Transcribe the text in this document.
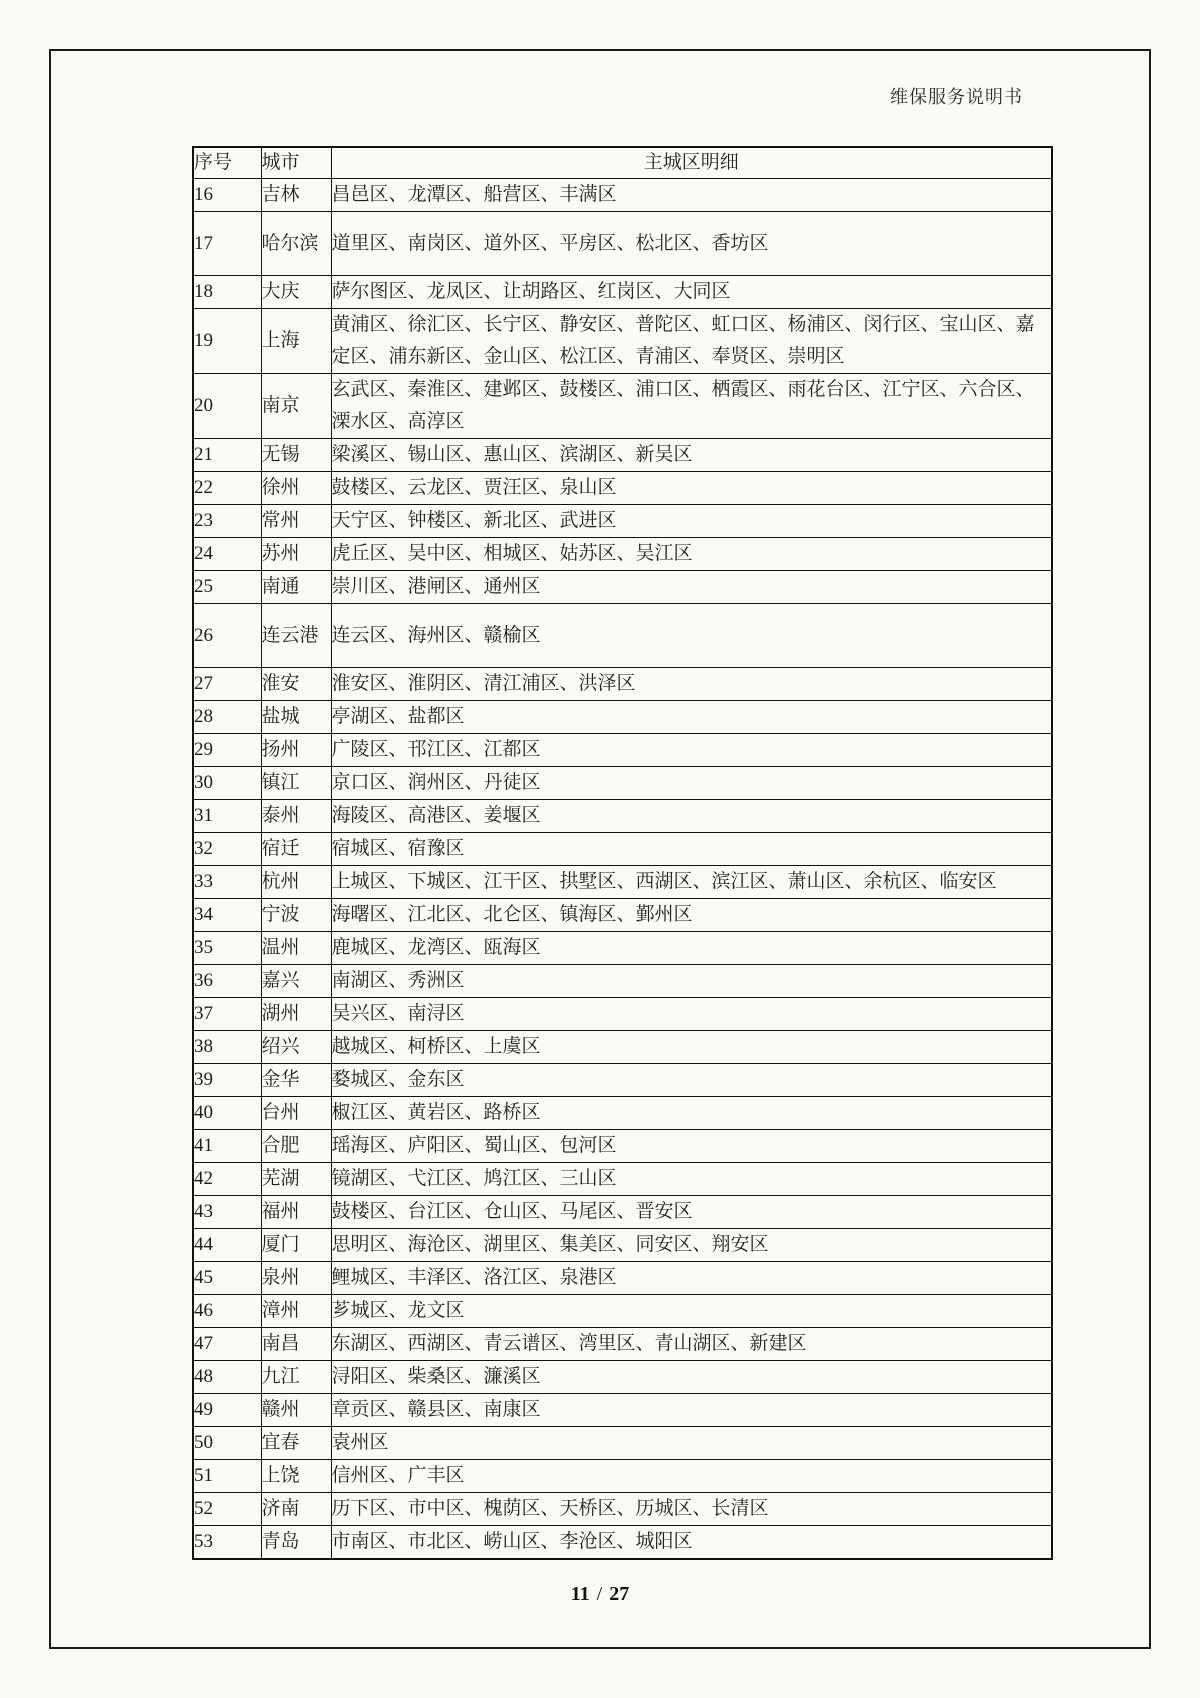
维保服务说明书
序号	城市	主城区明细
16	吉林	昌邑区、龙潭区、船营区、丰满区
17	哈尔滨	道里区、南岗区、道外区、平房区、松北区、香坊区
18	大庆	萨尔图区、龙凤区、让胡路区、红岗区、大同区
19	上海	黄浦区、徐汇区、长宁区、静安区、普陀区、虹口区、杨浦区、闵行区、宝山区、嘉定区、浦东新区、金山区、松江区、青浦区、奉贤区、崇明区
20	南京	玄武区、秦淮区、建邺区、鼓楼区、浦口区、栖霞区、雨花台区、江宁区、六合区、溧水区、高淳区
21	无锡	梁溪区、锡山区、惠山区、滨湖区、新吴区
22	徐州	鼓楼区、云龙区、贾汪区、泉山区
23	常州	天宁区、钟楼区、新北区、武进区
24	苏州	虎丘区、吴中区、相城区、姑苏区、吴江区
25	南通	崇川区、港闸区、通州区
26	连云港	连云区、海州区、赣榆区
27	淮安	淮安区、淮阴区、清江浦区、洪泽区
28	盐城	亭湖区、盐都区
29	扬州	广陵区、邗江区、江都区
30	镇江	京口区、润州区、丹徒区
31	泰州	海陵区、高港区、姜堰区
32	宿迁	宿城区、宿豫区
33	杭州	上城区、下城区、江干区、拱墅区、西湖区、滨江区、萧山区、余杭区、临安区
34	宁波	海曙区、江北区、北仑区、镇海区、鄞州区
35	温州	鹿城区、龙湾区、瓯海区
36	嘉兴	南湖区、秀洲区
37	湖州	吴兴区、南浔区
38	绍兴	越城区、柯桥区、上虞区
39	金华	婺城区、金东区
40	台州	椒江区、黄岩区、路桥区
41	合肥	瑶海区、庐阳区、蜀山区、包河区
42	芜湖	镜湖区、弋江区、鸠江区、三山区
43	福州	鼓楼区、台江区、仓山区、马尾区、晋安区
44	厦门	思明区、海沧区、湖里区、集美区、同安区、翔安区
45	泉州	鲤城区、丰泽区、洛江区、泉港区
46	漳州	芗城区、龙文区
47	南昌	东湖区、西湖区、青云谱区、湾里区、青山湖区、新建区
48	九江	浔阳区、柴桑区、濂溪区
49	赣州	章贡区、赣县区、南康区
50	宜春	袁州区
51	上饶	信州区、广丰区
52	济南	历下区、市中区、槐荫区、天桥区、历城区、长清区
53	青岛	市南区、市北区、崂山区、李沧区、城阳区
11 / 27
